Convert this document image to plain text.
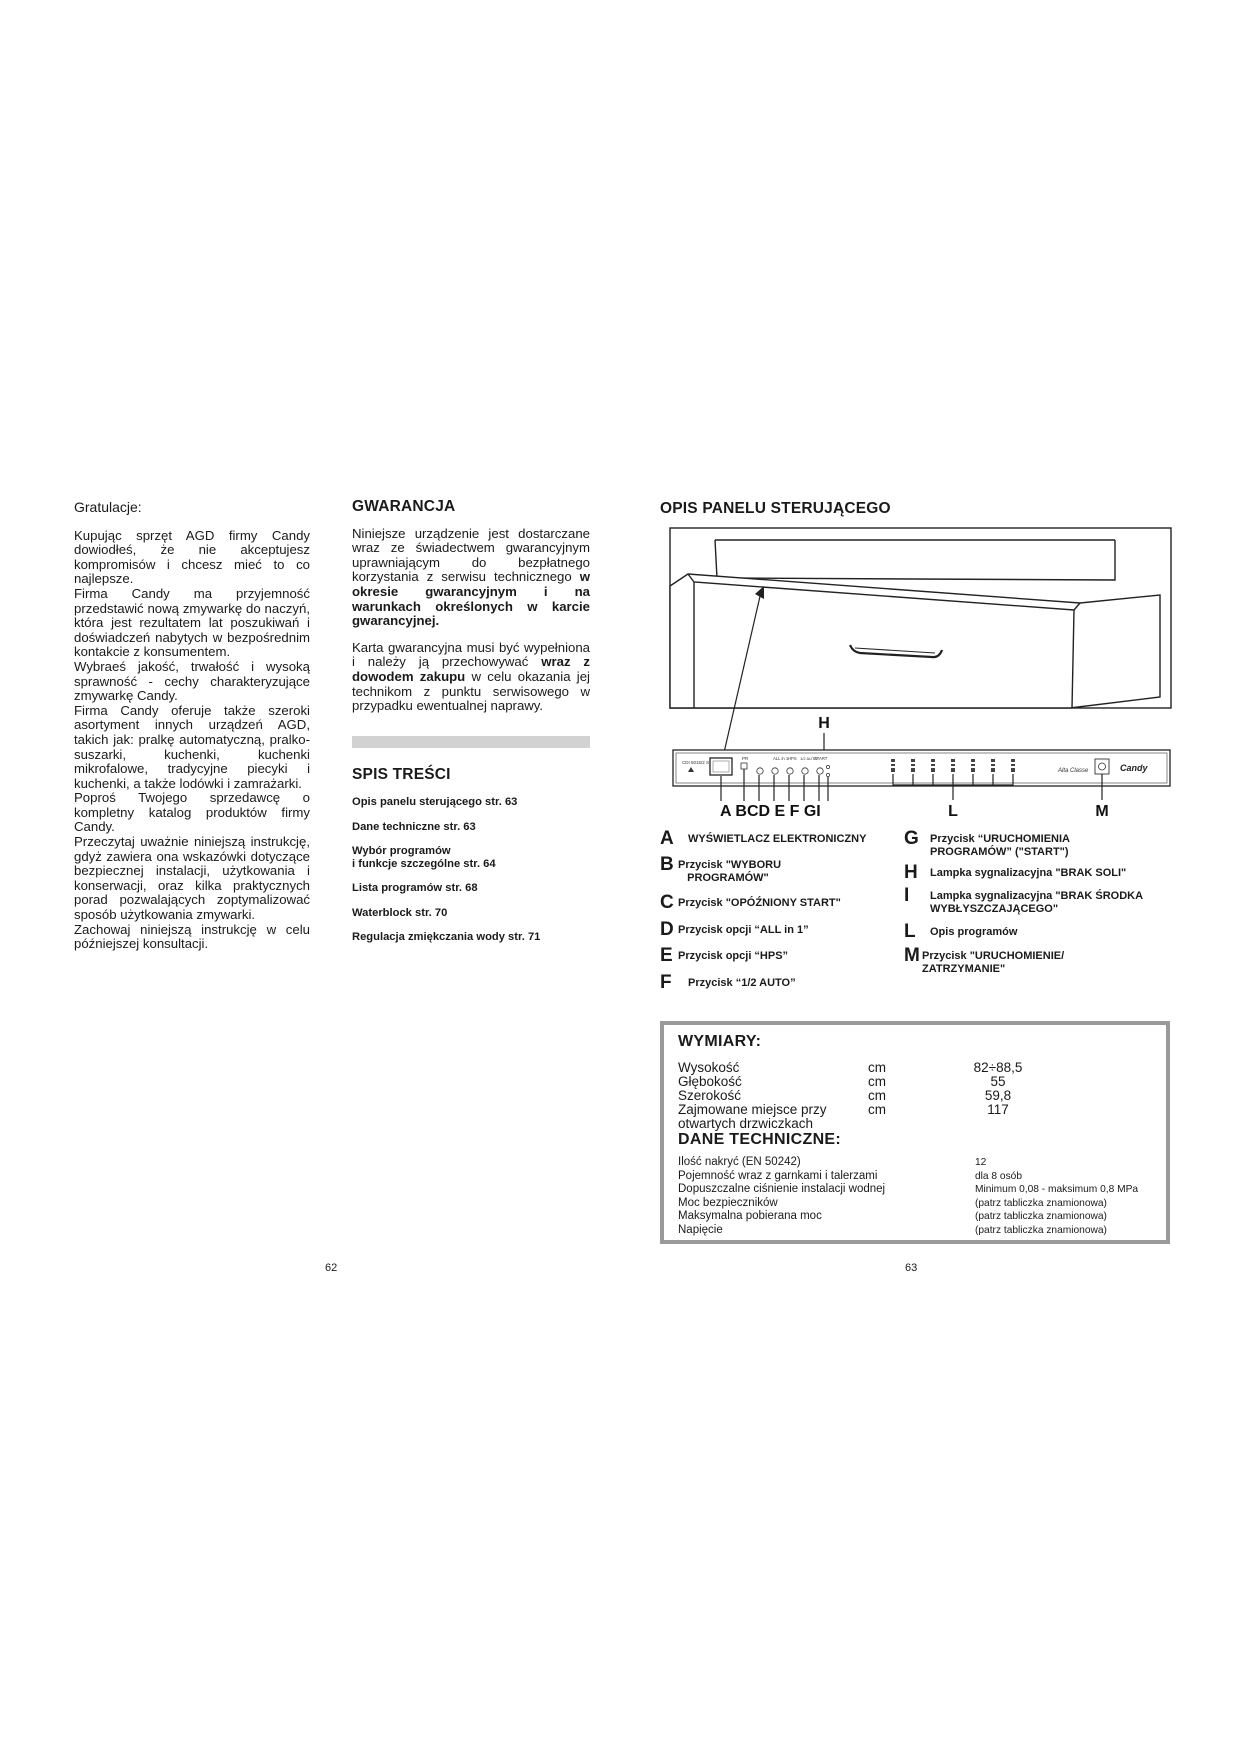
Gratulacje:

Kupując sprzęt AGD firmy Candy dowiodłeś, że nie akceptujesz kompromisów i chcesz mieć to co najlepsze.

Firma Candy ma przyjemność przedstawić nową zmywarkę do naczyń, która jest rezultatem lat poszukiwań i doświadczeń nabytych w bezpośrednim kontakcie z konsumentem.

Wybraeś jakość, trwałość i wysoką sprawność - cechy charakteryzujące zmywarkę Candy.

Firma Candy oferuje także szeroki asortyment innych urządzeń AGD, takich jak: pralkę automatyczną, pralko-suszarki, kuchenki, kuchenki mikrofalowe, tradycyjne piecyki i kuchenki, a także lodówki i zamrażarki.

Poproś Twojego sprzedawcę o kompletny katalog produktów firmy Candy.

Przeczytaj uważnie niniejszą instrukcję, gdyż zawiera ona wskazówki dotyczące bezpiecznej instalacji, użytkowania i konserwacji, oraz kilka praktycznych porad pozwalających zoptymalizować sposób użytkowania zmywarki.

Zachowaj niniejszą instrukcję w celu późniejszej konsultacji.

GWARANCJA

Niniejsze urządzenie jest dostarczane wraz ze świadectwem gwarancyjnym uprawniającym do bezpłatnego korzystania z serwisu technicznego w okresie gwarancyjnym i na warunkach określonych w karcie gwarancyjnej.

Karta gwarancyjna musi być wypełniona i należy ją przechowywać wraz z dowodem zakupu w celu okazania jej technikom z punktu serwisowego w przypadku ewentualnej naprawy.

SPIS TREŚCI
Opis panelu sterującego str. 63
Dane techniczne str. 63
Wybór programów
i funkcje szczególne str. 64
Lista programów str. 68
Waterblock str. 70
Regulacja zmiękczania wody str. 71
OPIS PANELU STERUJĄCEGO
H
CDI 5015/2 S
PR	ALL in 1 HPS 1/2 AUTO
START
Alta Classe	Candy
A BCD E F GI	L	M
A	WYŚWIETLACZ ELEKTRONICZNY
B Przycisk "WYBORU
PROGRAMÓW"
C Przycisk "OPÓŹNIONY START"
D Przycisk opcji “ALL in 1”
E Przycisk opcji “HPS”
F	Przycisk “1/2 AUTO”
G	Przycisk “URUCHOMIENIA
PROGRAMÓW” ("START")
H	Lampka sygnalizacyjna "BRAK SOLI"
I	Lampka sygnalizacyjna "BRAK ŚRODKA
WYBŁYSZCZAJĄCEGO"
L	Opis programów
M Przycisk "URUCHOMIENIE/
ZATRZYMANIE"
WYMIARY:
Wysokość	cm	82÷88,5
Głębokość	cm	55
Szerokość	cm	59,8
Zajmowane miejsce przy
otwartych drzwiczkach	cm	117
DANE TECHNICZNE:
Ilość nakryć (EN 50242)	12
Pojemność wraz z garnkami i talerzami	dla 8 osób
Dopuszczalne ciśnienie instalacji wodnej	Minimum 0,08 - maksimum 0,8 MPa
Moc bezpieczników	(patrz tabliczka znamionowa)
Maksymalna pobierana moc	(patrz tabliczka znamionowa)
Napięcie	(patrz tabliczka znamionowa)
62	63
